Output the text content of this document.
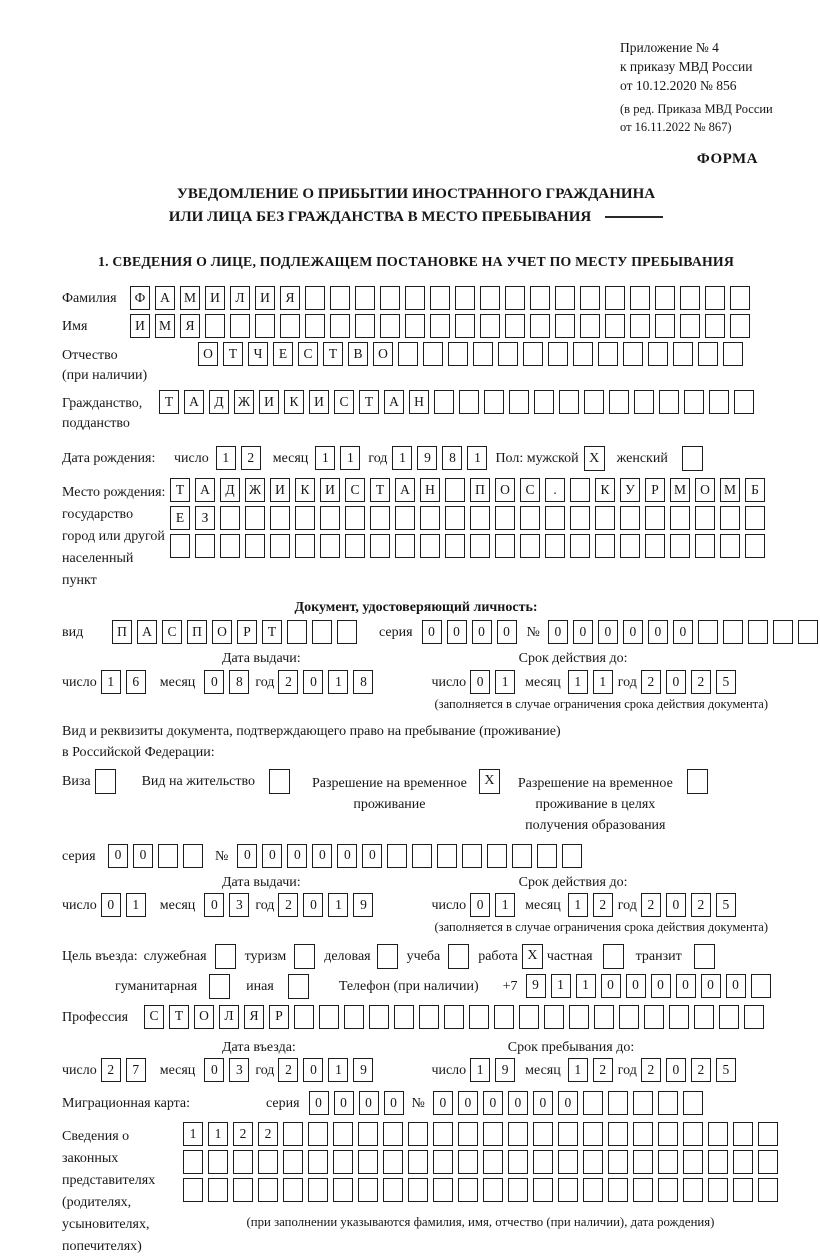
Приложение № 4
к приказу МВД России
от 10.12.2020 № 856
(в ред. Приказа МВД России
от 16.11.2022 № 867)
ФОРМА
УВЕДОМЛЕНИЕ О ПРИБЫТИИ ИНОСТРАННОГО ГРАЖДАНИНА
ИЛИ ЛИЦА БЕЗ ГРАЖДАНСТВА В МЕСТО ПРЕБЫВАНИЯ
1. СВЕДЕНИЯ О ЛИЦЕ, ПОДЛЕЖАЩЕМ ПОСТАНОВКЕ НА УЧЕТ ПО МЕСТУ ПРЕБЫВАНИЯ
Фамилия	Ф	А	М	И	Л	И	Я
Имя	И	М	Я
Отчество
(при наличии)
О	Т	Ч	Е	С	Т	В	О
Гражданство,
подданство
Т	А	Д	Ж	И	К	И	С	Т	А	Н
Дата рождения:	число	1	2	месяц	1	1	год 1	9	8	1	Пол: мужской X	женский
Место рождения:
государство
город или другой
населенный пункт
Т	А	Д	Ж	И	К	И	С	Т	А	Н	П	О	С	.	К	У	Р	М	О	М	Б
Е	З
Документ, удостоверяющий личность:
вид	П	А	С	П	О	Р	Т	серия	0	0	0	0	№	0	0	0	0	0	0
Дата выдачи:	Срок действия до:
число 1	6	месяц	0	8 год 2	0	1	8	число 0	1	месяц	1	1 год 2	0	2	5
(заполняется в случае ограничения срока действия документа)
Вид и реквизиты документа, подтверждающего право на пребывание (проживание)
в Российской Федерации:
Виза	Вид на жительство	Разрешение на временное
проживание
X	Разрешение на временное
проживание в целях
получения образования
серия	0	0	№	0	0	0	0	0	0
Дата выдачи:	Срок действия до:
число 0	1	месяц	0	3 год 2	0	1	9	число 0	1	месяц	1	2 год 2	0	2	5
(заполняется в случае ограничения срока действия документа)
Цель въезда: служебная	туризм	деловая	учеба	работа X частная	транзит
гуманитарная	иная	Телефон (при наличии) +7	9	1	1	0	0	0	0	0	0
Профессия	С	Т	О	Л	Я	Р
Дата въезда:	Срок пребывания до:
число 2	7	месяц	0	3 год 2	0	1	9	число 1	9	месяц	1	2 год 2	0	2	5
Миграционная карта:	серия	0	0	0	0	№	0	0	0	0	0	0
Сведения о
законных
представителях
(родителях,
усыновителях,
попечителях)
1	1	2	2
(при заполнении указываются фамилия, имя, отчество (при наличии), дата рождения)
